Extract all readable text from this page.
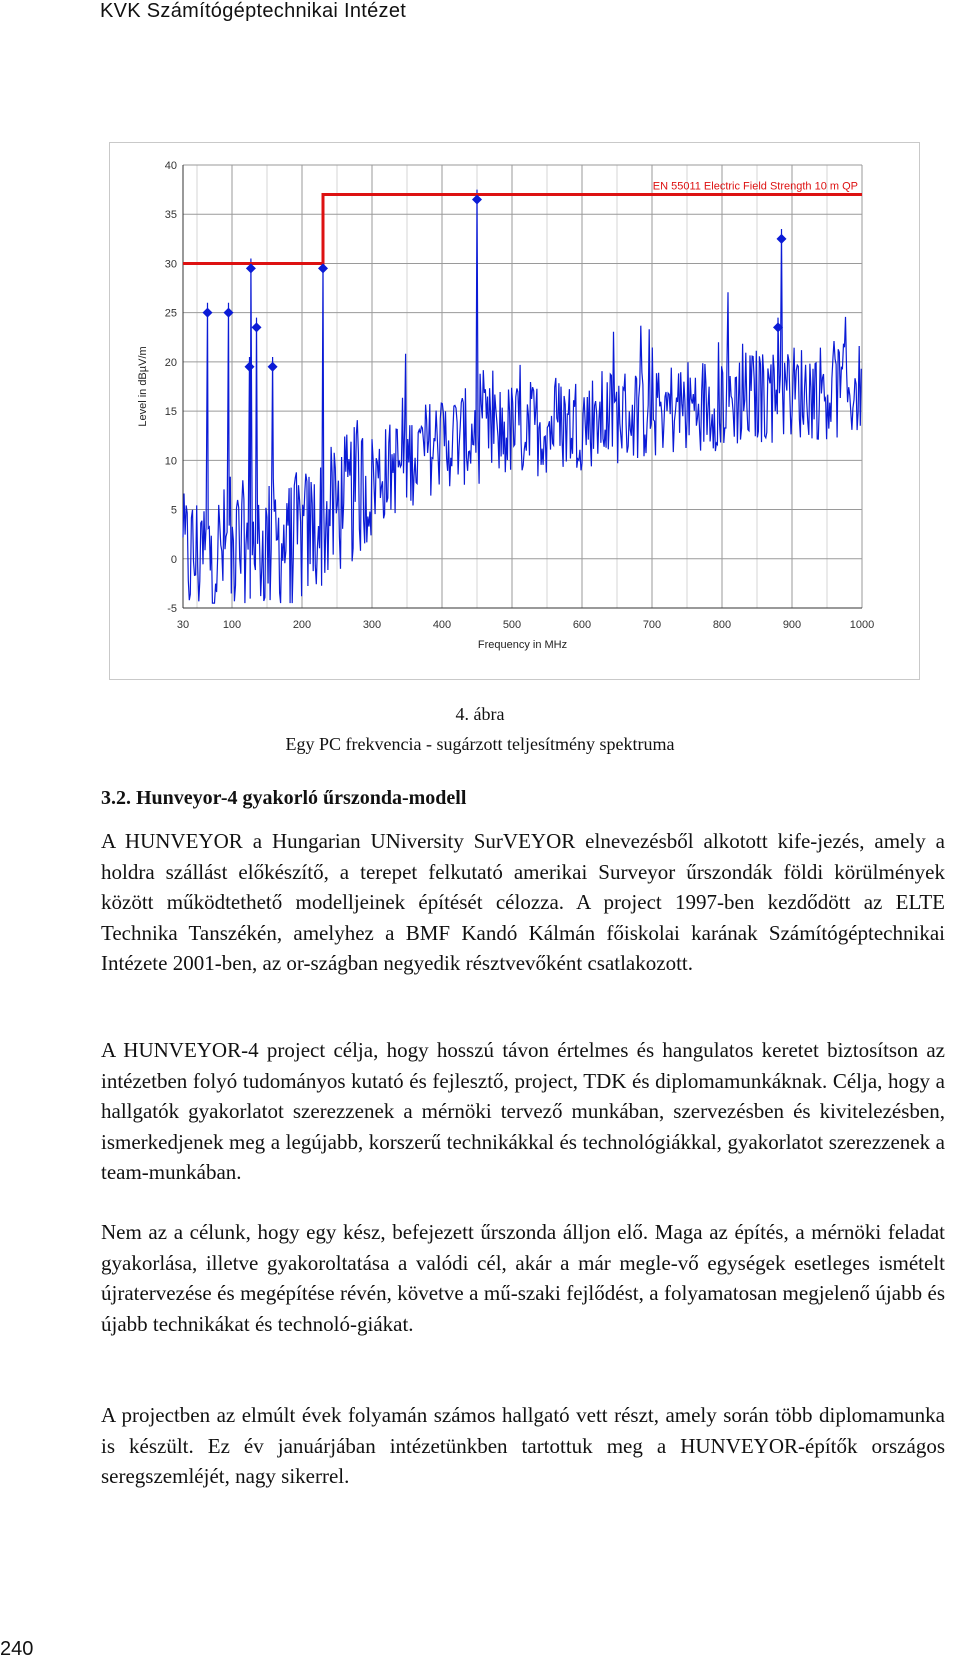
KVK Számítógéptechnikai Intézet
30	100	200	300	400	500	600	700	800	900	1000
-5
0
5
10
15
20
25
30
35
40
Frequency in MHz
Level in dBµV/m
EN 55011 Electric Field Strength 10 m QP
4. ábra
Egy PC frekvencia - sugárzott teljesítmény spektruma
3.2. Hunveyor-4 gyakorló űrszonda-modell
A HUNVEYOR a Hungarian UNiversity SurVEYOR elnevezésből alkotott kife-jezés, amely a holdra szállást előkészítő, a terepet felkutató amerikai Surveyor űrszondák földi körülmények között működtethető modelljeinek építését célozza. A project 1997-ben kezdődött az ELTE Technika Tanszékén, amelyhez a BMF Kandó Kálmán főiskolai karának Számítógéptechnikai Intézete 2001-ben, az or-szágban negyedik résztvevőként csatlakozott.
A HUNVEYOR-4 project célja, hogy hosszú távon értelmes és hangulatos keretet biztosítson az intézetben folyó tudományos kutató és fejlesztő, project, TDK és diplomamunkáknak. Célja, hogy a hallgatók gyakorlatot szerezzenek a mérnöki tervező munkában, szervezésben és kivitelezésben, ismerkedjenek meg a legújabb, korszerű technikákkal és technológiákkal, gyakorlatot szerezzenek a team-munkában.
Nem az a célunk, hogy egy kész, befejezett űrszonda álljon elő. Maga az építés, a mérnöki feladat gyakorlása, illetve gyakoroltatása a valódi cél, akár a már megle-vő egységek esetleges ismételt újratervezése és megépítése révén, követve a mű-szaki fejlődést, a folyamatosan megjelenő újabb és újabb technikákat és technoló-giákat.
A projectben az elmúlt évek folyamán számos hallgató vett részt, amely során több diplomamunka is készült. Ez év januárjában intézetünkben tartottuk meg a HUNVEYOR-építők országos seregszemléjét, nagy sikerrel.
240
